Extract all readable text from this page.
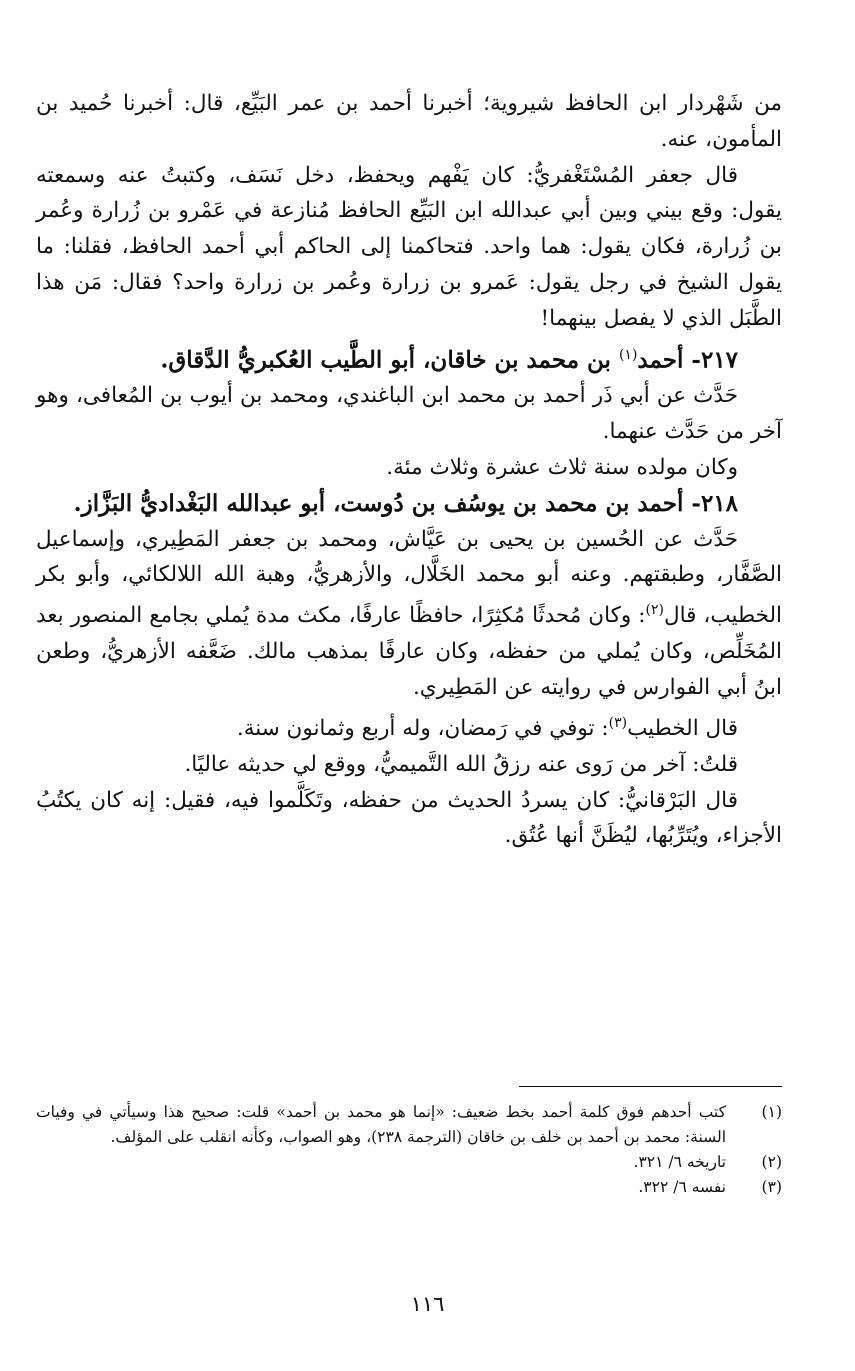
من شَهْردار ابن الحافظ شيروية؛ أخبرنا أحمد بن عمر البَيِّع، قال: أخبرنا حُميد بن المأمون، عنه.

قال جعفر المُسْتَغْفريُّ: كان يَفْهم ويحفظ، دخل نَسَف، وكتبتُ عنه وسمعته يقول: وقع بيني وبين أبي عبدالله ابن البَيِّع الحافظ مُنازعة في عَمْرو بن زُرارة وعُمر بن زُرارة، فكان يقول: هما واحد. فتحاكمنا إلى الحاكم أبي أحمد الحافظ، فقلنا: ما يقول الشيخ في رجل يقول: عَمرو بن زرارة وعُمر بن زرارة واحد؟ فقال: مَن هذا الطَّبَل الذي لا يفصل بينهما!

٢١٧- أحمد$^{(١)}$ بن محمد بن خاقان، أبو الطَّيب العُكبريُّ الدَّقاق.

حَدَّث عن أبي ذَر أحمد بن محمد ابن الباغندي، ومحمد بن أيوب بن المُعافى، وهو آخر من حَدَّث عنهما.

وكان مولده سنة ثلاث عشرة وثلاث مئة.

٢١٨- أحمد بن محمد بن يوسُف بن دُوست، أبو عبدالله البَغْداديُّ البَزَّاز.

حَدَّث عن الحُسين بن يحيى بن عَيَّاش، ومحمد بن جعفر المَطِيري، وإسماعيل الصَّفَّار، وطبقتهم. وعنه أبو محمد الخَلَّال، والأزهريُّ، وهبة الله اللالكائي، وأبو بكر الخطيب، قال$^{(٢)}$: وكان مُحدثًا مُكثِرًا، حافظًا عارفًا، مكث مدة يُملي بجامع المنصور بعد المُخَلِّص، وكان يُملي من حفظه، وكان عارفًا بمذهب مالك. ضَعَّفه الأزهريُّ، وطعن ابنُ أبي الفوارس في روايته عن المَطِيري.

قال الخطيب$^{(٣)}$: توفي في رَمضان، وله أربع وثمانون سنة.

قلتُ: آخر من رَوى عنه رزقُ الله التَّميميُّ، ووقع لي حديثه عاليًا.

قال البَرْقانيُّ: كان يسردُ الحديث من حفظه، وتَكَلَّموا فيه، فقيل: إنه كان يكتُبُ الأجزاء، ويُتَرِّبُها، ليُظَنَّ أنها عُتُق.

(١)
كتب أحدهم فوق كلمة أحمد بخط ضعيف: «إنما هو محمد بن أحمد» قلت: صحيح هذا وسيأتي في وفيات السنة: محمد بن أحمد بن خلف بن خاقان (الترجمة ٢٣٨)، وهو الصواب، وكأنه انقلب على المؤلف.

(٢)
تاريخه ٦/ ٣٢١.

(٣)
نفسه ٦/ ٣٢٢.

١١٦
